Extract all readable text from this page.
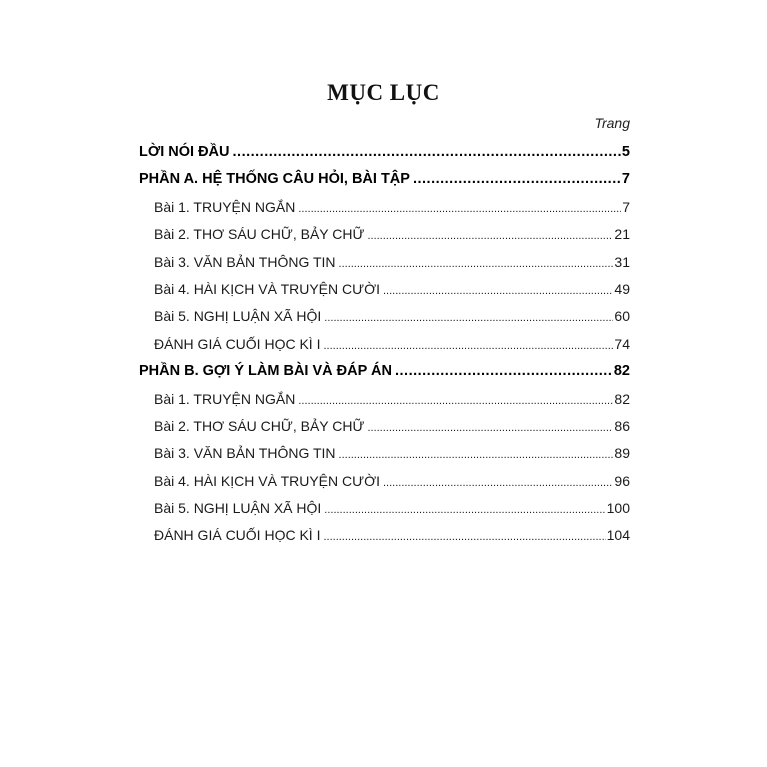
MỤC LỤC
Trang
LỜI NÓI ĐẦU .....	5
PHẦN A. HỆ THỐNG CÂU HỎI, BÀI TẬP .....	7
Bài 1. TRUYỆN NGẮN .....	7
Bài 2. THƠ SÁU CHỮ, BẢY CHỮ .....	21
Bài 3. VĂN BẢN THÔNG TIN .....	31
Bài 4. HÀI KỊCH VÀ TRUYỆN CƯỜI .....	49
Bài 5. NGHỊ LUẬN XÃ HỘI .....	60
ĐÁNH GIÁ CUỐI HỌC KÌ I .....	74
PHẦN B. GỢI Ý LÀM BÀI VÀ ĐÁP ÁN .....	82
Bài 1. TRUYỆN NGẮN .....	82
Bài 2. THƠ SÁU CHỮ, BẢY CHỮ .....	86
Bài 3. VĂN BẢN THÔNG TIN .....	89
Bài 4. HÀI KỊCH VÀ TRUYỆN CƯỜI .....	96
Bài 5. NGHỊ LUẬN XÃ HỘI .....	100
ĐÁNH GIÁ CUỐI HỌC KÌ I .....	104
